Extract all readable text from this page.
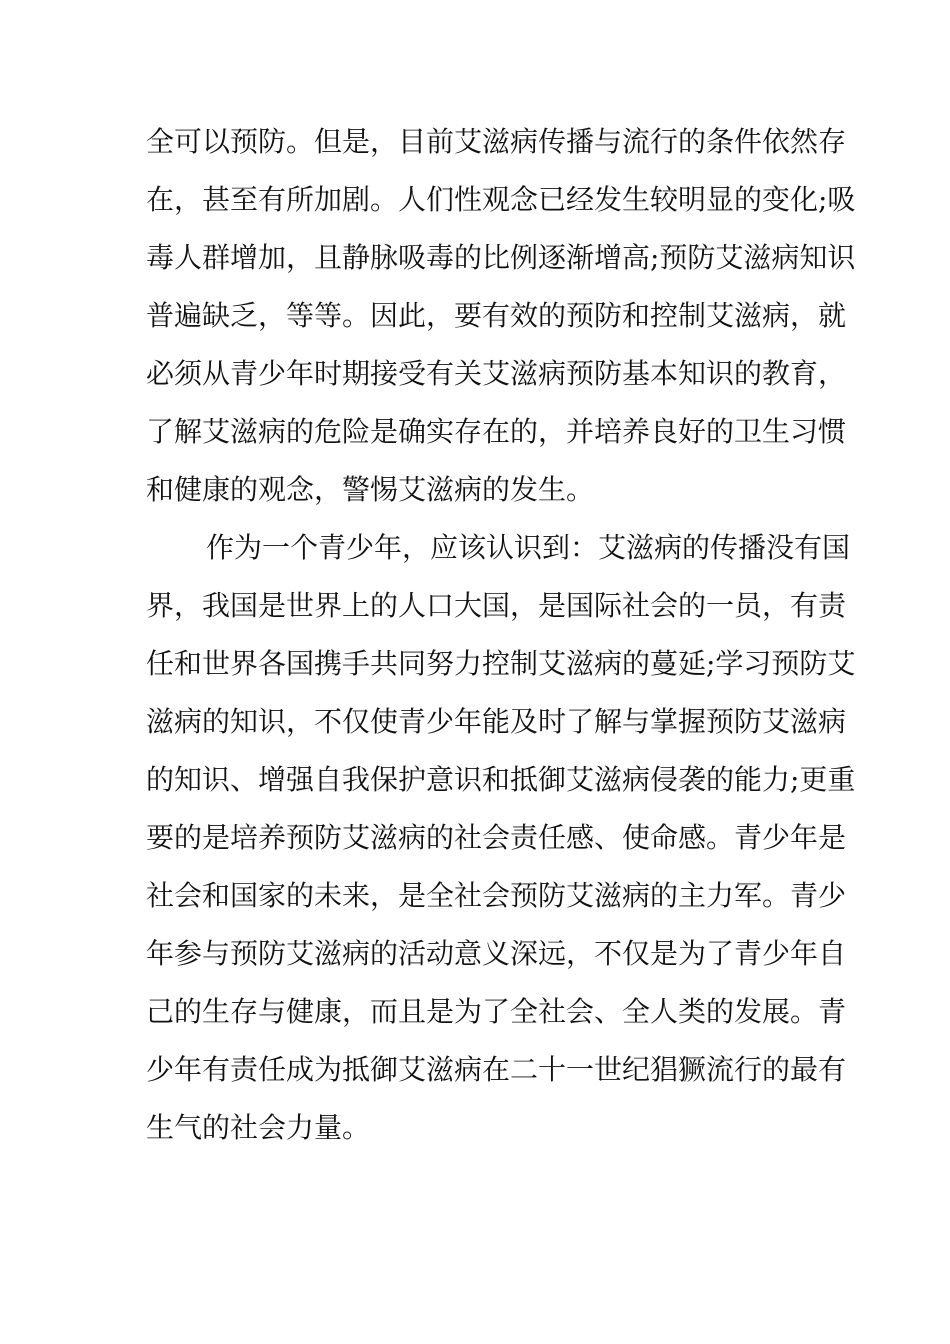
全可以预防。但是，目前艾滋病传播与流行的条件依然存

在，甚至有所加剧。人们性观念已经发生较明显的变化;吸

毒人群增加，且静脉吸毒的比例逐渐增高;预防艾滋病知识

普遍缺乏，等等。因此，要有效的预防和控制艾滋病，就

必须从青少年时期接受有关艾滋病预防基本知识的教育，

了解艾滋病的危险是确实存在的，并培养良好的卫生习惯

和健康的观念，警惕艾滋病的发生。

作为一个青少年，应该认识到：艾滋病的传播没有国

界，我国是世界上的人口大国，是国际社会的一员，有责

任和世界各国携手共同努力控制艾滋病的蔓延;学习预防艾

滋病的知识，不仅使青少年能及时了解与掌握预防艾滋病

的知识、增强自我保护意识和抵御艾滋病侵袭的能力;更重

要的是培养预防艾滋病的社会责任感、使命感。青少年是

社会和国家的未来，是全社会预防艾滋病的主力军。青少

年参与预防艾滋病的活动意义深远，不仅是为了青少年自

己的生存与健康，而且是为了全社会、全人类的发展。青

少年有责任成为抵御艾滋病在二十一世纪猖獗流行的最有

生气的社会力量。
